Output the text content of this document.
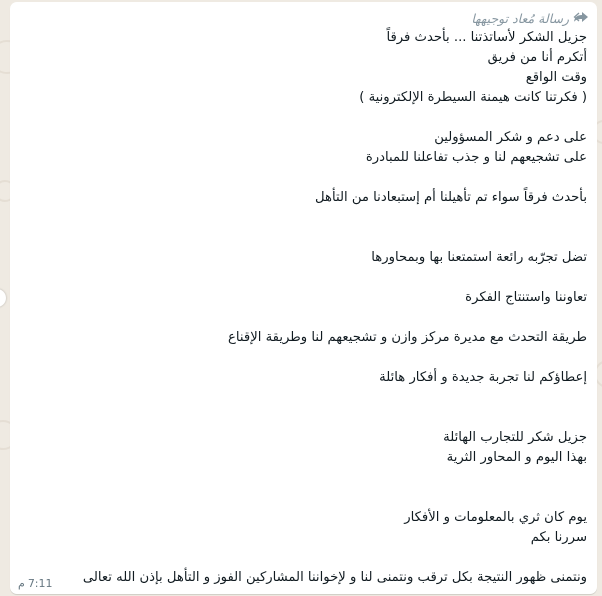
رسالة مُعاد توجيهها

جزيل الشكر لأساتذتنا ... بأحدث فرقاً
أتكرم أنا من فريق
وقت الواقع
( فكرتنا كانت هيمنة السيطرة الإلكترونية )
على دعم و شكر المسؤولين
على تشجيعهم لنا و جذب تفاعلنا للمبادرة
بأحدث فرقاً سواء تم تأهيلنا أم إستبعادنا من التأهل
تضل تجرّبه رائعة استمتعنا بها وبمحاورها
تعاوننا واستنتاج الفكرة
طريقة التحدث مع مديرة مركز وازن و تشجيعهم لنا وطريقة الإقناع
إعطاؤكم لنا تجربة جديدة و أفكار هائلة
جزيل شكر للتجارب الهائلة
بهذا اليوم و المحاور الثرية
يوم كان ثري بالمعلومات و الأفكار
سررنا بكم
ونتمنى ظهور النتيجة بكل ترقب ونتمنى لنا و لإخواننا المشاركين الفوز و التأهل بإذن الله تعالى

7:11
م
